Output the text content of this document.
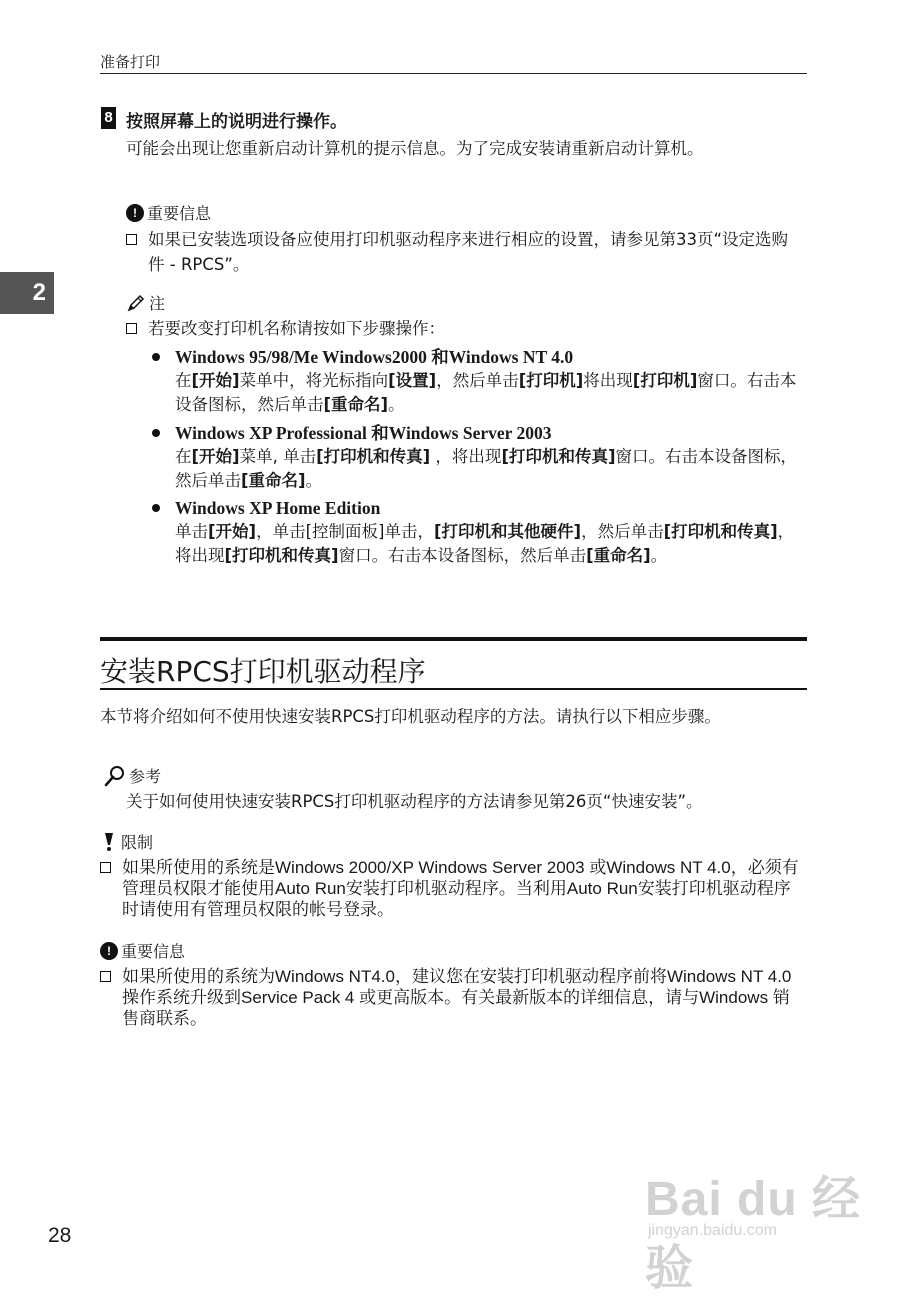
准备打印
2
8 按照屏幕上的说明进行操作。
可能会出现让您重新启动计算机的提示信息。为了完成安装请重新启动计算机。
! 重要信息
如果已安装选项设备应使用打印机驱动程序来进行相应的设置，请参见第33页“设定选购件 - RPCS”。
注
若要改变打印机名称请按如下步骤操作：
Windows 95/98/Me Windows2000 和Windows NT 4.0
在[开始]菜单中，将光标指向[设置]，然后单击[打印机]将出现[打印机]窗口。右击本设备图标，然后单击[重命名]。
Windows XP Professional 和Windows Server 2003
在[开始]菜单, 单击[打印机和传真] ，将出现[打印机和传真]窗口。右击本设备图标，然后单击[重命名]。
Windows XP Home Edition
单击[开始]，单击[控制面板]单击，[打印机和其他硬件]，然后单击[打印机和传真]，将出现[打印机和传真]窗口。右击本设备图标，然后单击[重命名]。
安装RPCS打印机驱动程序
本节将介绍如何不使用快速安装RPCS打印机驱动程序的方法。请执行以下相应步骤。
参考
关于如何使用快速安装RPCS打印机驱动程序的方法请参见第26页“快速安装”。
限制
如果所使用的系统是Windows 2000/XP Windows Server 2003 或Windows NT 4.0，必须有管理员权限才能使用Auto Run安装打印机驱动程序。当利用Auto Run安装打印机驱动程序时请使用有管理员权限的帐号登录。
! 重要信息
如果所使用的系统为Windows NT4.0，建议您在安装打印机驱动程序前将Windows NT 4.0 操作系统升级到Service Pack 4 或更高版本。有关最新版本的详细信息，请与Windows 销售商联系。
28
Bai du 经验
jingyan.baidu.com
